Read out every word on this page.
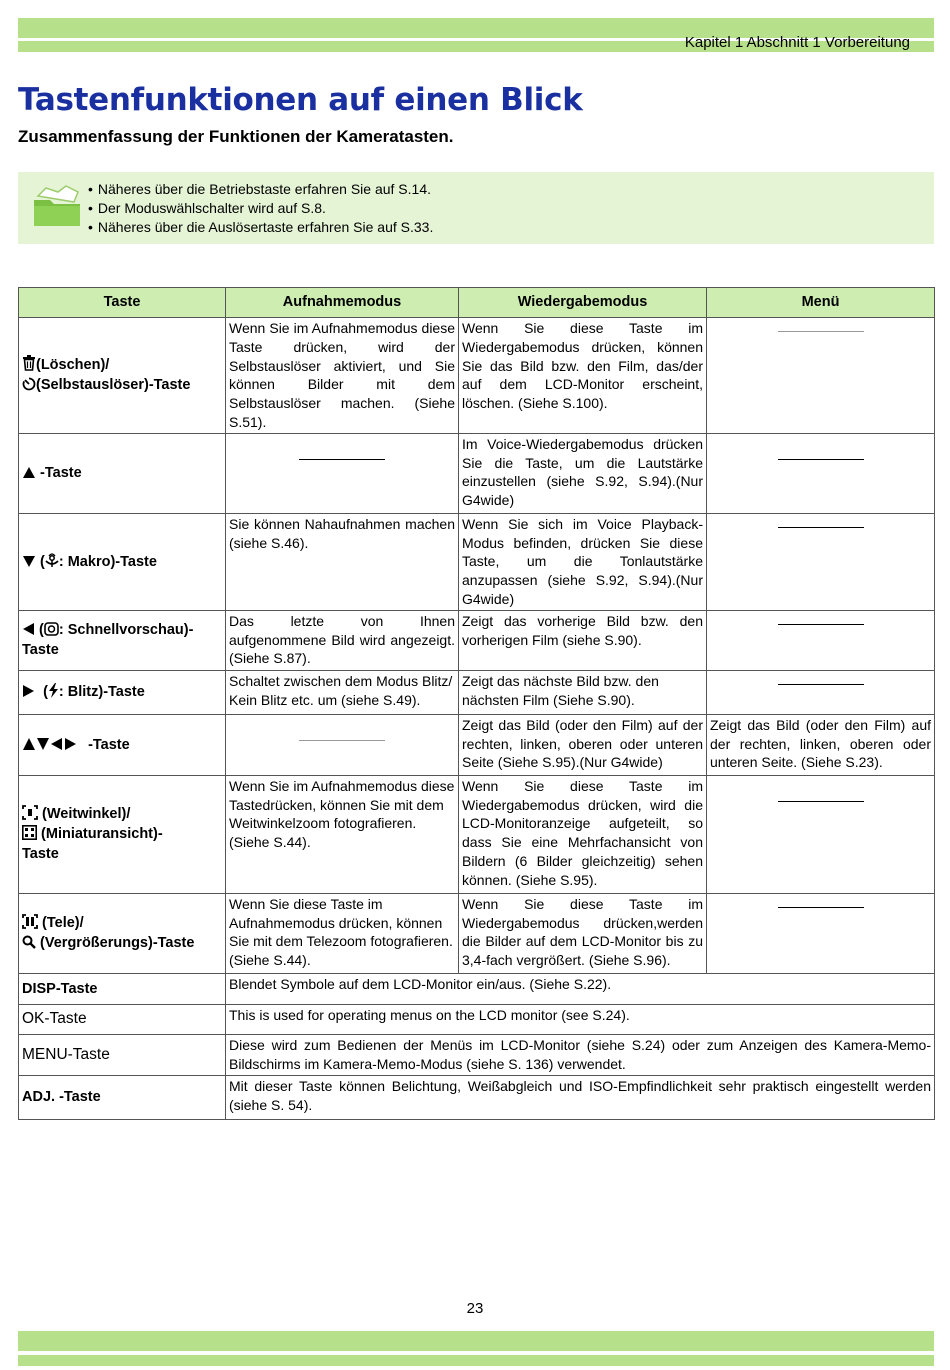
Kapitel 1 Abschnitt 1 Vorbereitung
Tastenfunktionen auf einen Blick
Zusammenfassung der Funktionen der Kameratasten.
• Näheres über die Betriebstaste erfahren Sie auf S.14.
• Der Moduswählschalter wird auf S.8.
• Näheres über die Auslösertaste erfahren Sie auf S.33.
Taste	Aufnahmemodus	Wiedergabemodus	Menü
(Löschen)/
(Selbstauslöser)-Taste	Wenn Sie im Aufnahmemodus diese Taste drücken, wird der Selbstauslöser aktiviert, und Sie können Bilder mit dem Selbstauslöser machen. (Siehe S.51).	Wenn Sie diese Taste im Wiedergabemodus drücken, können Sie das Bild bzw. den Film, das/der auf dem LCD-Monitor erscheint, löschen. (Siehe S.100).	

-Taste		Im Voice-Wiedergabemodus drücken Sie die Taste, um die Lautstärke einzustellen (siehe S.92, S.94).(Nur G4wide)	

( : Makro)-Taste	Sie können Nahaufnahmen machen (siehe S.46).	Wenn Sie sich im Voice Playback-Modus befinden, drücken Sie diese Taste, um die Tonlautstärke anzupassen (siehe S.92, S.94).(Nur G4wide)	

( : Schnellvorschau)-
Taste	Das letzte von Ihnen aufgenommene Bild wird angezeigt. (Siehe S.87).	Zeigt das vorherige Bild bzw. den vorherigen Film (siehe S.90).	

( : Blitz)-Taste	Schaltet zwischen dem Modus Blitz/ Kein Blitz etc. um (siehe S.49).	Zeigt das nächste Bild bzw. den nächsten Film (Siehe S.90).	

-Taste		Zeigt das Bild (oder den Film) auf der rechten, linken, oberen oder unteren Seite (Siehe S.95).(Nur G4wide)	Zeigt das Bild (oder den Film) auf der rechten, linken, oberen oder unteren Seite. (Siehe S.23).
(Weitwinkel)/
(Miniaturansicht)-
Taste	Wenn Sie im Aufnahmemodus diese Tastedrücken, können Sie mit dem Weitwinkelzoom fotografieren. (Siehe S.44).	Wenn Sie diese Taste im Wiedergabemodus drücken, wird die LCD-Monitoranzeige aufgeteilt, so dass Sie eine Mehrfachansicht von Bildern (6 Bilder gleichzeitig) sehen können. (Siehe S.95).	

(Tele)/
(Vergrößerungs)-Taste	Wenn Sie diese Taste im Aufnahmemodus drücken, können Sie mit dem Telezoom fotografieren. (Siehe S.44).	Wenn Sie diese Taste im Wiedergabemodus drücken,werden die Bilder auf dem LCD-Monitor bis zu 3,4-fach vergrößert. (Siehe S.96).	

DISP-Taste	Blendet Symbole auf dem LCD-Monitor ein/aus. (Siehe S.22).		
OK-Taste	This is used for operating menus on the LCD monitor (see S.24).		
MENU-Taste	Diese wird zum Bedienen der Menüs im LCD-Monitor (siehe S.24) oder zum Anzeigen des Kamera-Memo-Bildschirms im Kamera-Memo-Modus (siehe S. 136) verwendet.		
ADJ. -Taste	Mit dieser Taste können Belichtung, Weißabgleich und ISO-Empfindlichkeit sehr praktisch eingestellt werden (siehe S. 54).		
23
